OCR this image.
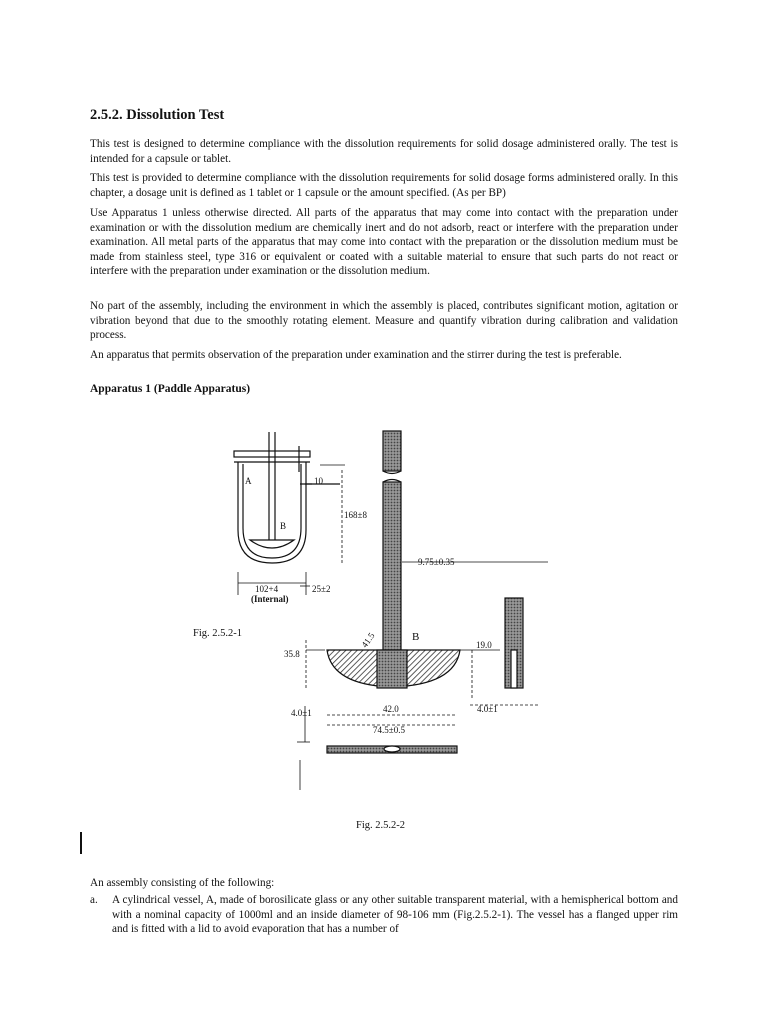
2.5.2. Dissolution Test

This test is designed to determine compliance with the dissolution requirements for solid dosage administered orally. The test is intended for a capsule or tablet.

This test is provided to determine compliance with the dissolution requirements for solid dosage forms administered orally. In this chapter, a dosage unit is defined as 1 tablet or 1 capsule or the amount specified. (As per BP)

Use Apparatus 1 unless otherwise directed. All parts of the apparatus that may come into contact with the preparation under examination or with the dissolution medium are chemically inert and do not adsorb, react or interfere with the preparation under examination. All metal parts of the apparatus that may come into contact with the preparation or the dissolution medium must be made from stainless steel, type 316 or equivalent or coated with a suitable material to ensure that such parts do not react or interfere with the preparation under examination or the dissolution medium.

No part of the assembly, including the environment in which the assembly is placed, contributes significant motion, agitation or vibration beyond that due to the smoothly rotating element. Measure and quantify vibration during calibration and validation process.

An apparatus that permits observation of the preparation under examination and the stirrer during the test is preferable.

Apparatus 1 (Paddle Apparatus)

Fig. 2.5.2-1

Fig. 2.5.2-2

An assembly consisting of the following:

a. A cylindrical vessel, A, made of borosilicate glass or any other suitable transparent material, with a hemispherical bottom and with a nominal capacity of 1000ml and an inside diameter of 98-106 mm (Fig.2.5.2-1). The vessel has a flanged upper rim and is fitted with a lid to avoid evaporation that has a number of
A
B
10
168±8
102+4
(Internal)
25±2
9.75±0.35
B
41.5	19.0
35.8
4.0±1	42.0	4.0±1
74.5±0.5
